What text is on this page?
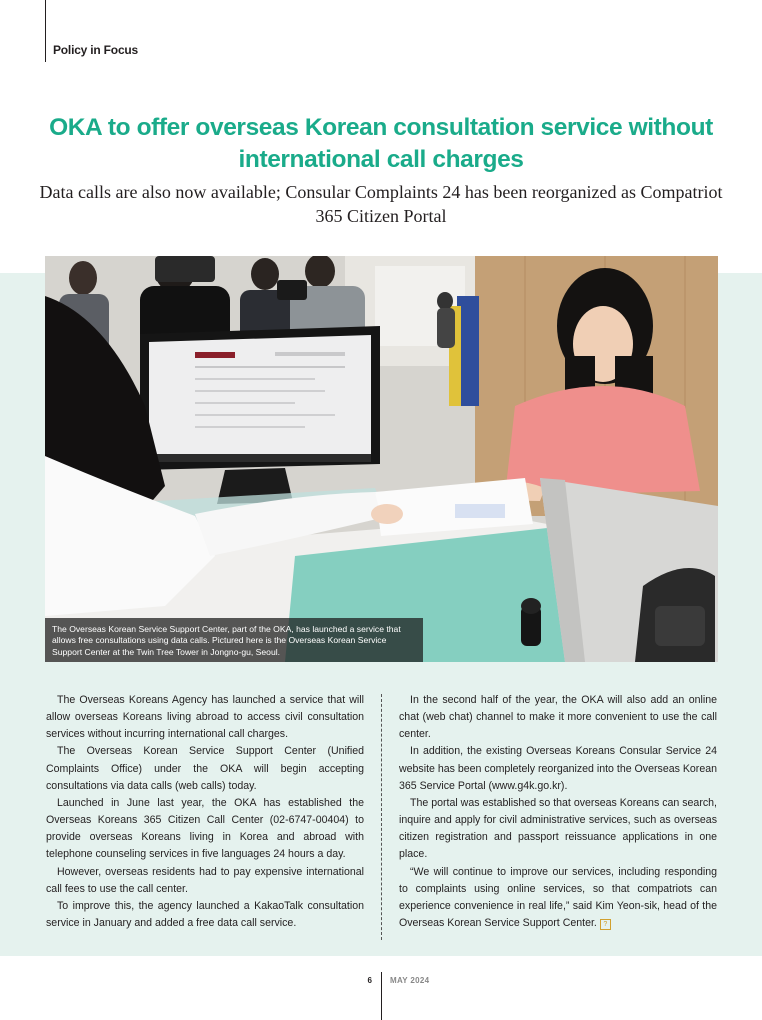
Policy in Focus
OKA to offer overseas Korean consultation service without international call charges

Data calls are also now available; Consular Complaints 24 has been reorganized as Compatriot 365 Citizen Portal

The Overseas Korean Service Support Center, part of the OKA, has launched a service that allows free consultations using data calls. Pictured here is the Overseas Korean Service Support Center at the Twin Tree Tower in Jongno-gu, Seoul.

The Overseas Koreans Agency has launched a service that will allow overseas Koreans living abroad to access civil consultation services without incurring international call charges.

The Overseas Korean Service Support Center (Unified Complaints Office) under the OKA will begin accepting consultations via data calls (web calls) today.

Launched in June last year, the OKA has established the Overseas Koreans 365 Citizen Call Center (02-6747-00404) to provide overseas Koreans living in Korea and abroad with telephone counseling services in five languages 24 hours a day.

However, overseas residents had to pay expensive international call fees to use the call center.

To improve this, the agency launched a KakaoTalk consultation service in January and added a free data call service.

In the second half of the year, the OKA will also add an online chat (web chat) channel to make it more convenient to use the call center.

In addition, the existing Overseas Koreans Consular Service 24 website has been completely reorganized into the Overseas Korean 365 Service Portal (www.g4k.go.kr).

The portal was established so that overseas Koreans can search, inquire and apply for civil administrative services, such as overseas citizen registration and passport reissuance applications in one place.

“We will continue to improve our services, including responding to complaints using online services, so that compatriots can experience convenience in real life,” said Kim Yeon-sik, head of the Overseas Korean Service Support Center. ?

6 MAY 2024
